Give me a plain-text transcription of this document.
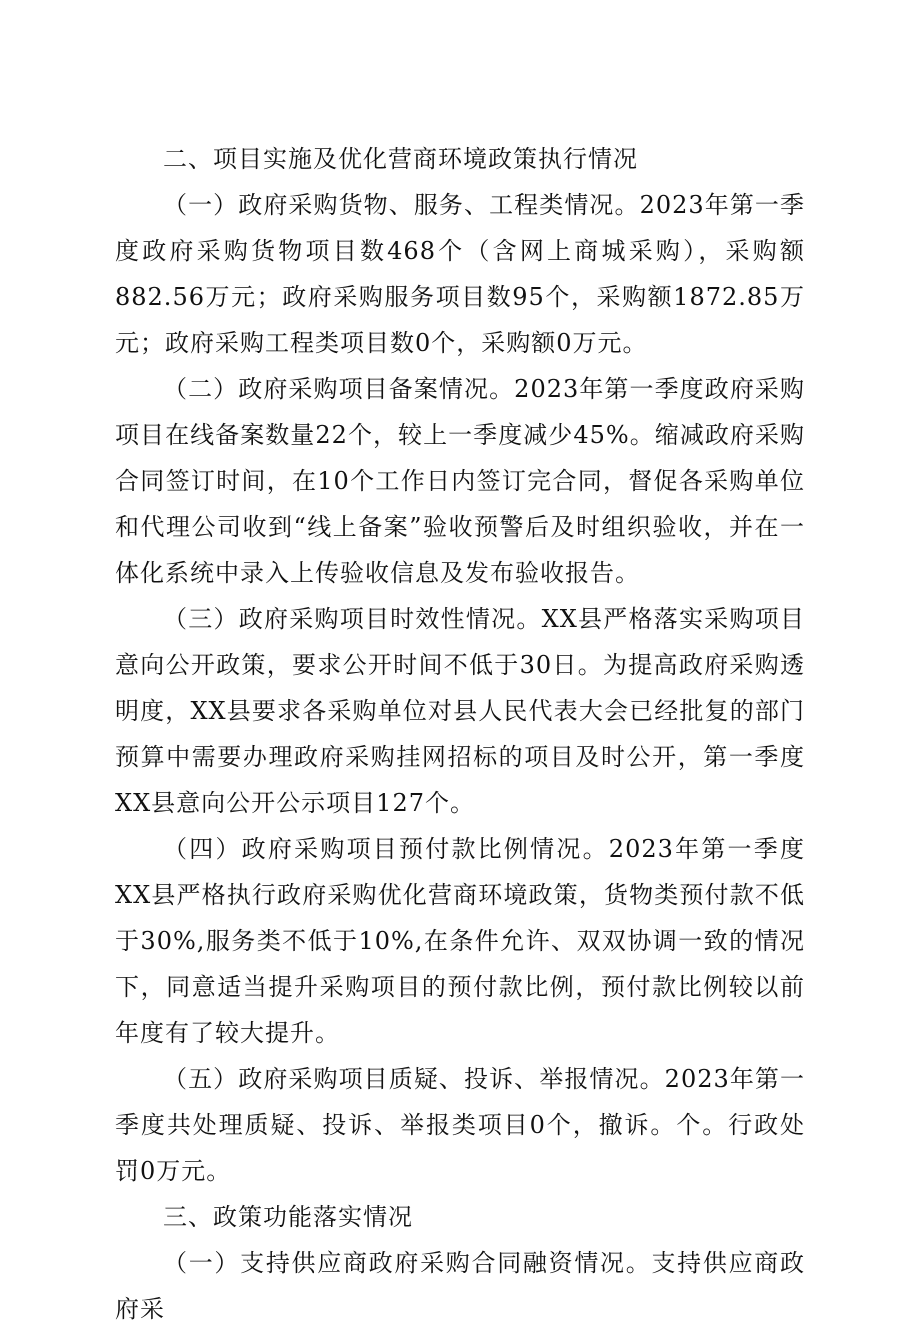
二、项目实施及优化营商环境政策执行情况

（一）政府采购货物、服务、工程类情况。2023年第一季度政府采购货物项目数468个（含网上商城采购），采购额882.56万元；政府采购服务项目数95个，采购额1872.85万元；政府采购工程类项目数0个，采购额0万元。

（二）政府采购项目备案情况。2023年第一季度政府采购项目在线备案数量22个，较上一季度减少45%。缩减政府采购合同签订时间，在10个工作日内签订完合同，督促各采购单位和代理公司收到“线上备案”验收预警后及时组织验收，并在一体化系统中录入上传验收信息及发布验收报告。

（三）政府采购项目时效性情况。XX县严格落实采购项目意向公开政策，要求公开时间不低于30日。为提高政府采购透明度，XX县要求各采购单位对县人民代表大会已经批复的部门预算中需要办理政府采购挂网招标的项目及时公开，第一季度XX县意向公开公示项目127个。

（四）政府采购项目预付款比例情况。2023年第一季度XX县严格执行政府采购优化营商环境政策，货物类预付款不低于30%,服务类不低于10%,在条件允许、双双协调一致的情况下，同意适当提升采购项目的预付款比例，预付款比例较以前年度有了较大提升。

（五）政府采购项目质疑、投诉、举报情况。2023年第一季度共处理质疑、投诉、举报类项目0个，撤诉。个。行政处罚0万元。

三、政策功能落实情况

（一）支持供应商政府采购合同融资情况。支持供应商政府采
